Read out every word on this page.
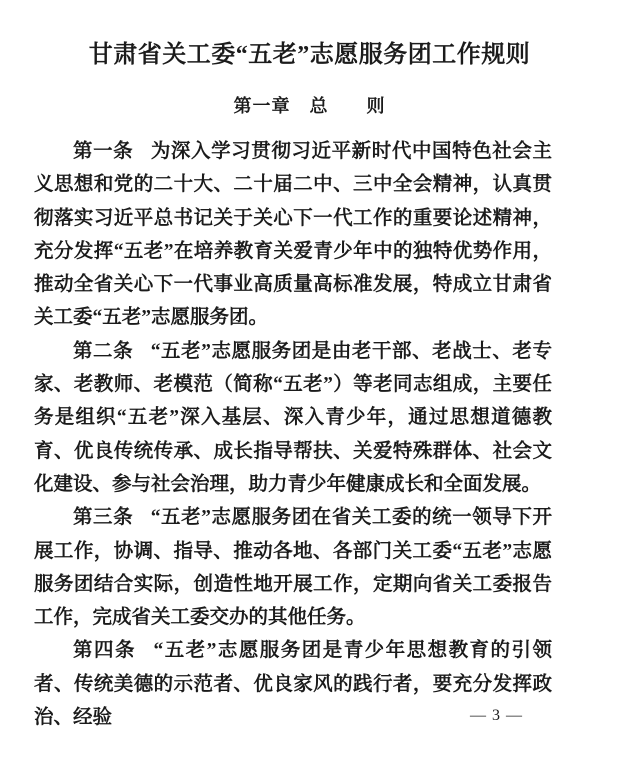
甘肃省关工委“五老”志愿服务团工作规则
第一章　总　　则

第一条 为深入学习贯彻习近平新时代中国特色社会主义思想和党的二十大、二十届二中、三中全会精神，认真贯彻落实习近平总书记关于关心下一代工作的重要论述精神，充分发挥“五老”在培养教育关爱青少年中的独特优势作用，推动全省关心下一代事业高质量高标准发展，特成立甘肃省关工委“五老”志愿服务团。

第二条 “五老”志愿服务团是由老干部、老战士、老专家、老教师、老模范（简称“五老”）等老同志组成，主要任务是组织“五老”深入基层、深入青少年，通过思想道德教育、优良传统传承、成长指导帮扶、关爱特殊群体、社会文化建设、参与社会治理，助力青少年健康成长和全面发展。

第三条 “五老”志愿服务团在省关工委的统一领导下开展工作，协调、指导、推动各地、各部门关工委“五老”志愿服务团结合实际，创造性地开展工作，定期向省关工委报告工作，完成省关工委交办的其他任务。

第四条 “五老”志愿服务团是青少年思想教育的引领者、传统美德的示范者、优良家风的践行者，要充分发挥政治、经验	— 3 —
